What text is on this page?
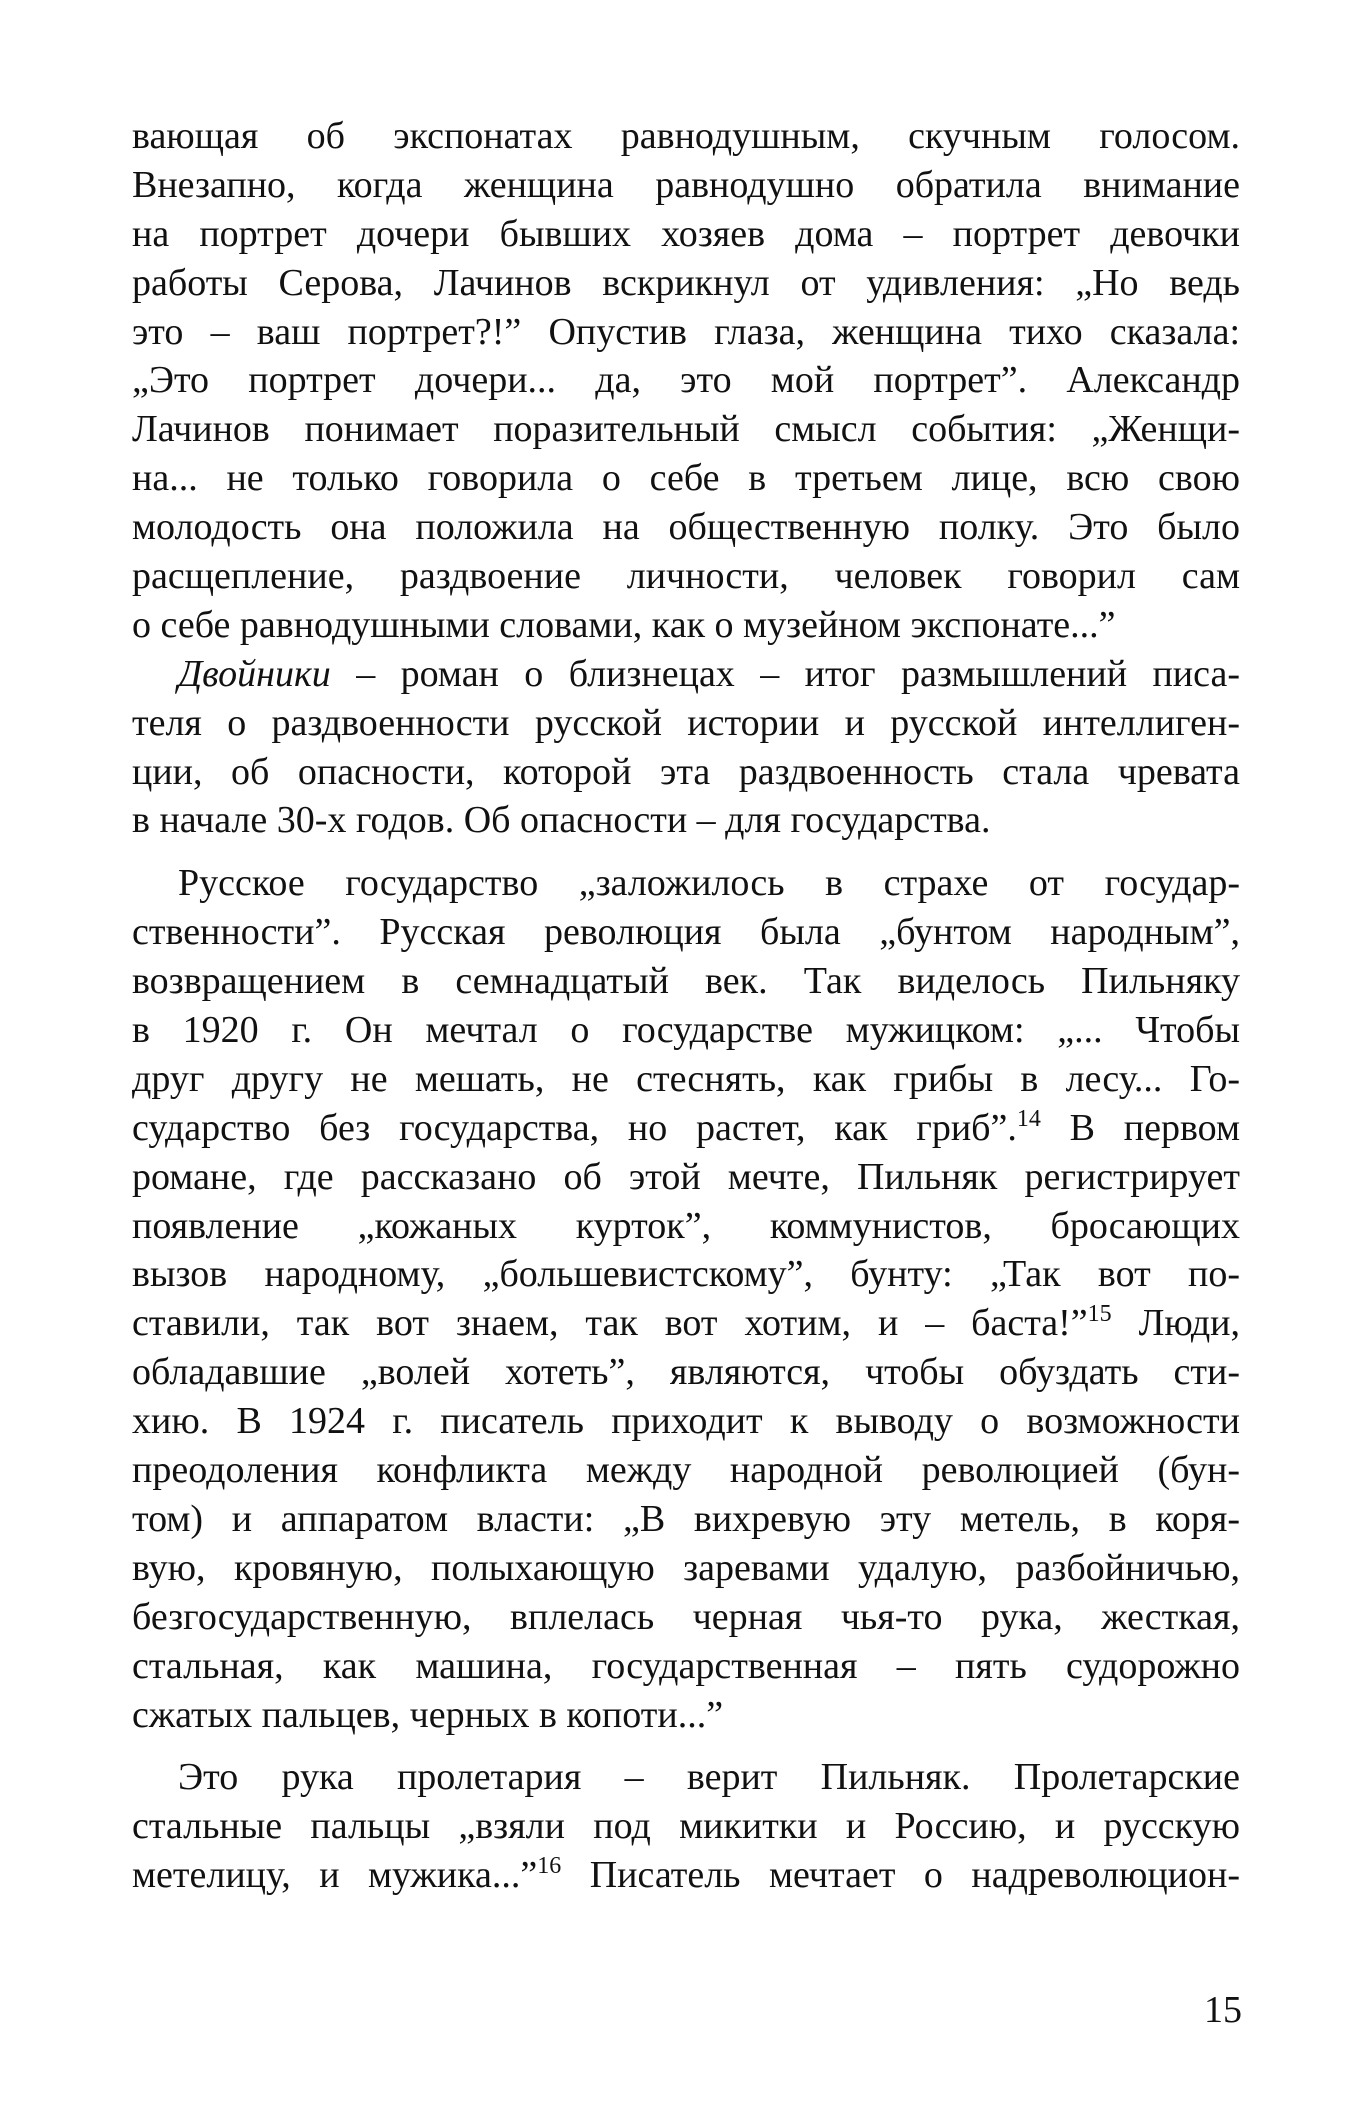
вающая об экспонатах равнодушным, скучным голосом.
Внезапно, когда женщина равнодушно обратила внимание
на портрет дочери бывших хозяев дома – портрет девочки
работы Серова, Лачинов вскрикнул от удивления: „Но ведь
это – ваш портрет?!” Опустив глаза, женщина тихо сказала:
„Это портрет дочери... да, это мой портрет”. Александр
Лачинов понимает поразительный смысл события: „Женщи-
на... не только говорила о себе в третьем лице, всю свою
молодость она положила на общественную полку. Это было
расщепление, раздвоение личности, человек говорил сам
о себе равнодушными словами, как о музейном экспонате...”
Двойники – роман о близнецах – итог размышлений писа-
теля о раздвоенности русской истории и русской интеллиген-
ции, об опасности, которой эта раздвоенность стала чревата
в начале 30-х годов. Об опасности – для государства.
Русское государство „заложилось в страхе от государ-
ственности”. Русская революция была „бунтом народным”,
возвращением в семнадцатый век. Так виделось Пильняку
в 1920 г. Он мечтал о государстве мужицком: „... Чтобы
друг другу не мешать, не стеснять, как грибы в лесу... Го-
сударство без государства, но растет, как гриб”.$^{14}$ В первом
романе, где рассказано об этой мечте, Пильняк регистрирует
появление „кожаных курток”, коммунистов, бросающих
вызов народному, „большевистскому”, бунту: „Так вот по-
ставили, так вот знаем, так вот хотим, и – баста!”$^{15}$ Люди,
обладавшие „волей хотеть”, являются, чтобы обуздать сти-
хию. В 1924 г. писатель приходит к выводу о возможности
преодоления конфликта между народной революцией (бун-
том) и аппаратом власти: „В вихревую эту метель, в коря-
вую, кровяную, полыхающую заревами удалую, разбойничью,
безгосударственную, вплелась черная чья-то рука, жесткая,
стальная, как машина, государственная – пять судорожно
сжатых пальцев, черных в копоти...”
Это рука пролетария – верит Пильняк. Пролетарские
стальные пальцы „взяли под микитки и Россию, и русскую
метелицу, и мужика...”$^{16}$ Писатель мечтает о надреволюцион-
15
